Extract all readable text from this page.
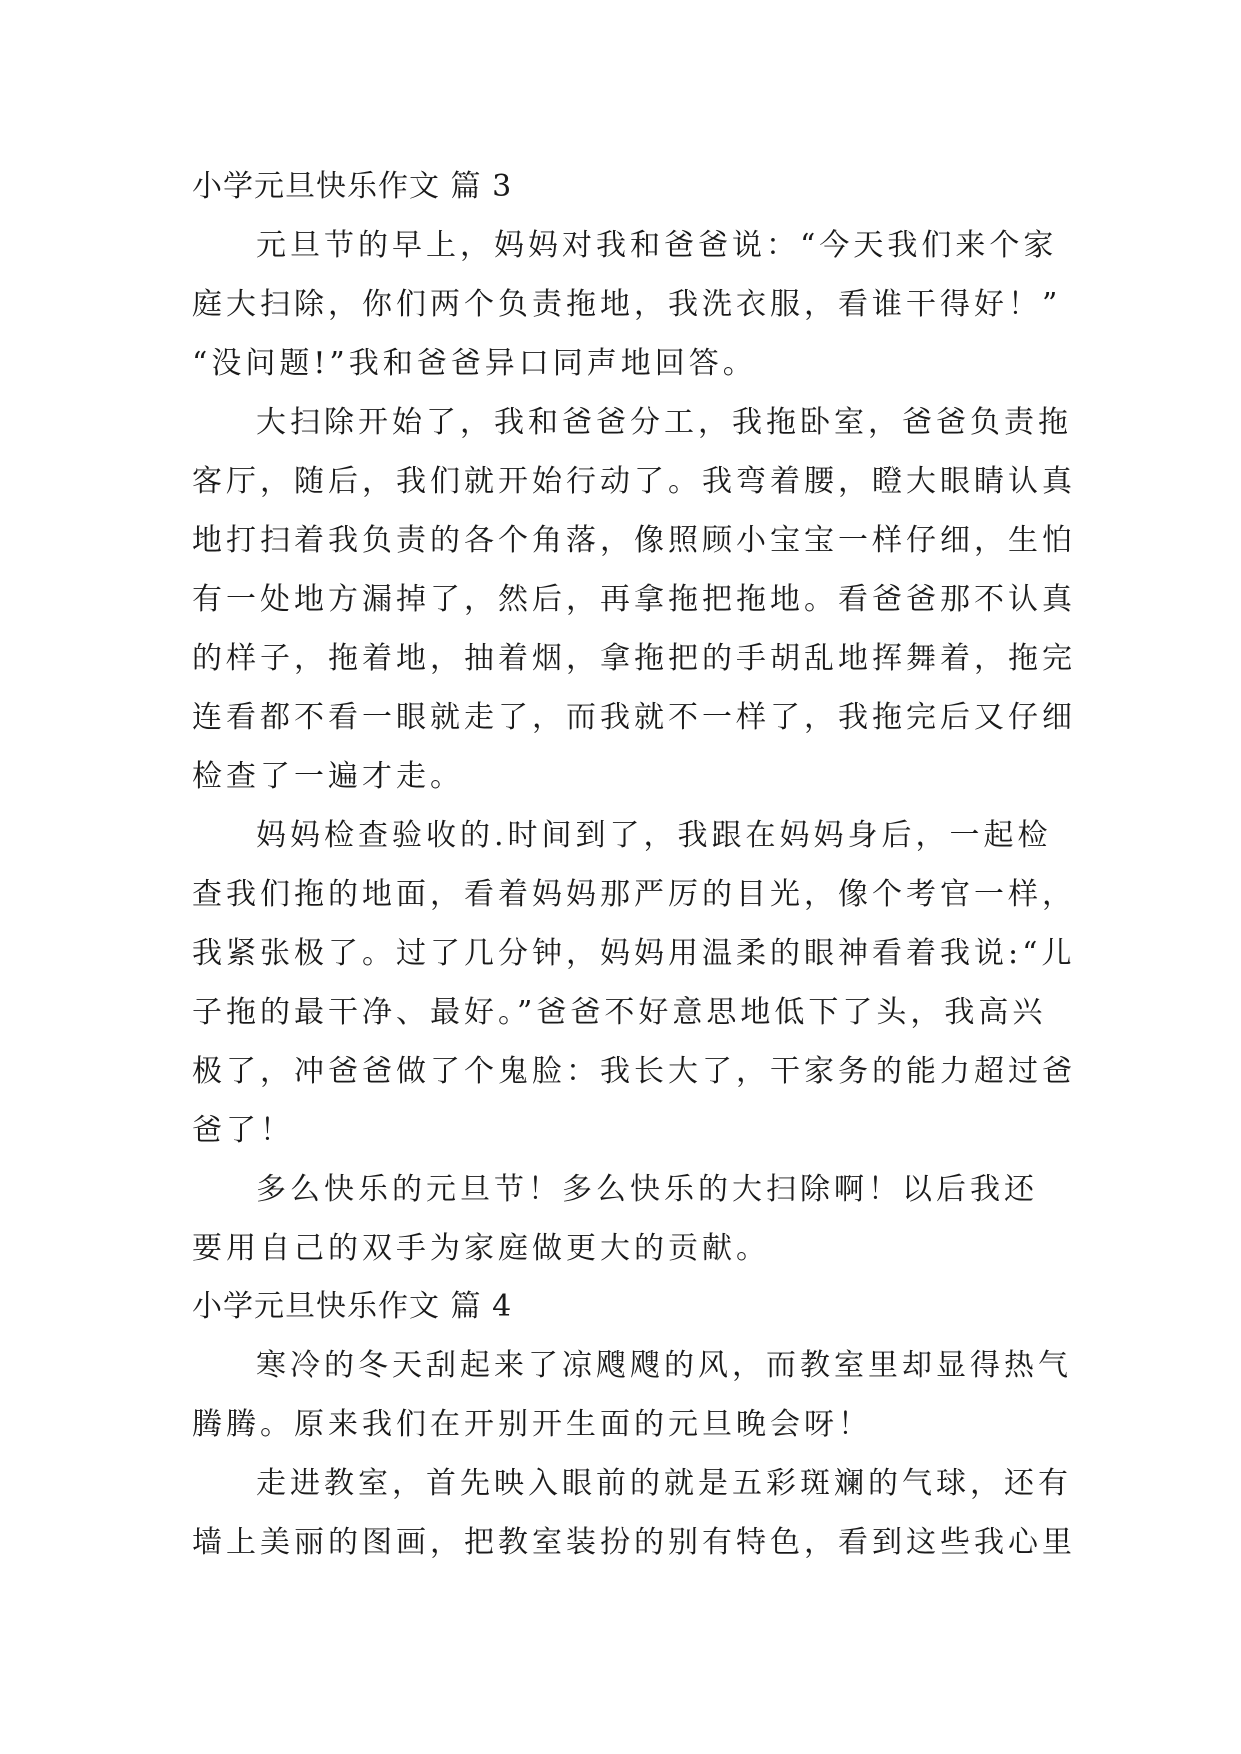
小学元旦快乐作文 篇 3
元旦节的早上，妈妈对我和爸爸说：“今天我们来个家
庭大扫除，你们两个负责拖地，我洗衣服，看谁干得好！”
“没问题!”我和爸爸异口同声地回答。
大扫除开始了，我和爸爸分工，我拖卧室，爸爸负责拖
客厅，随后，我们就开始行动了。我弯着腰，瞪大眼睛认真
地打扫着我负责的各个角落，像照顾小宝宝一样仔细，生怕
有一处地方漏掉了，然后，再拿拖把拖地。看爸爸那不认真
的样子，拖着地，抽着烟，拿拖把的手胡乱地挥舞着，拖完
连看都不看一眼就走了，而我就不一样了，我拖完后又仔细
检查了一遍才走。
妈妈检查验收的.时间到了，我跟在妈妈身后，一起检
查我们拖的地面，看着妈妈那严厉的目光，像个考官一样，
我紧张极了。过了几分钟，妈妈用温柔的眼神看着我说:“儿
子拖的最干净、最好。”爸爸不好意思地低下了头，我高兴
极了，冲爸爸做了个鬼脸：我长大了，干家务的能力超过爸
爸了！
多么快乐的元旦节！多么快乐的大扫除啊！以后我还
要用自己的双手为家庭做更大的贡献。
小学元旦快乐作文 篇 4
寒冷的冬天刮起来了凉飕飕的风，而教室里却显得热气
腾腾。原来我们在开别开生面的元旦晚会呀！
走进教室，首先映入眼前的就是五彩斑斓的气球，还有
墙上美丽的图画，把教室装扮的别有特色，看到这些我心里
